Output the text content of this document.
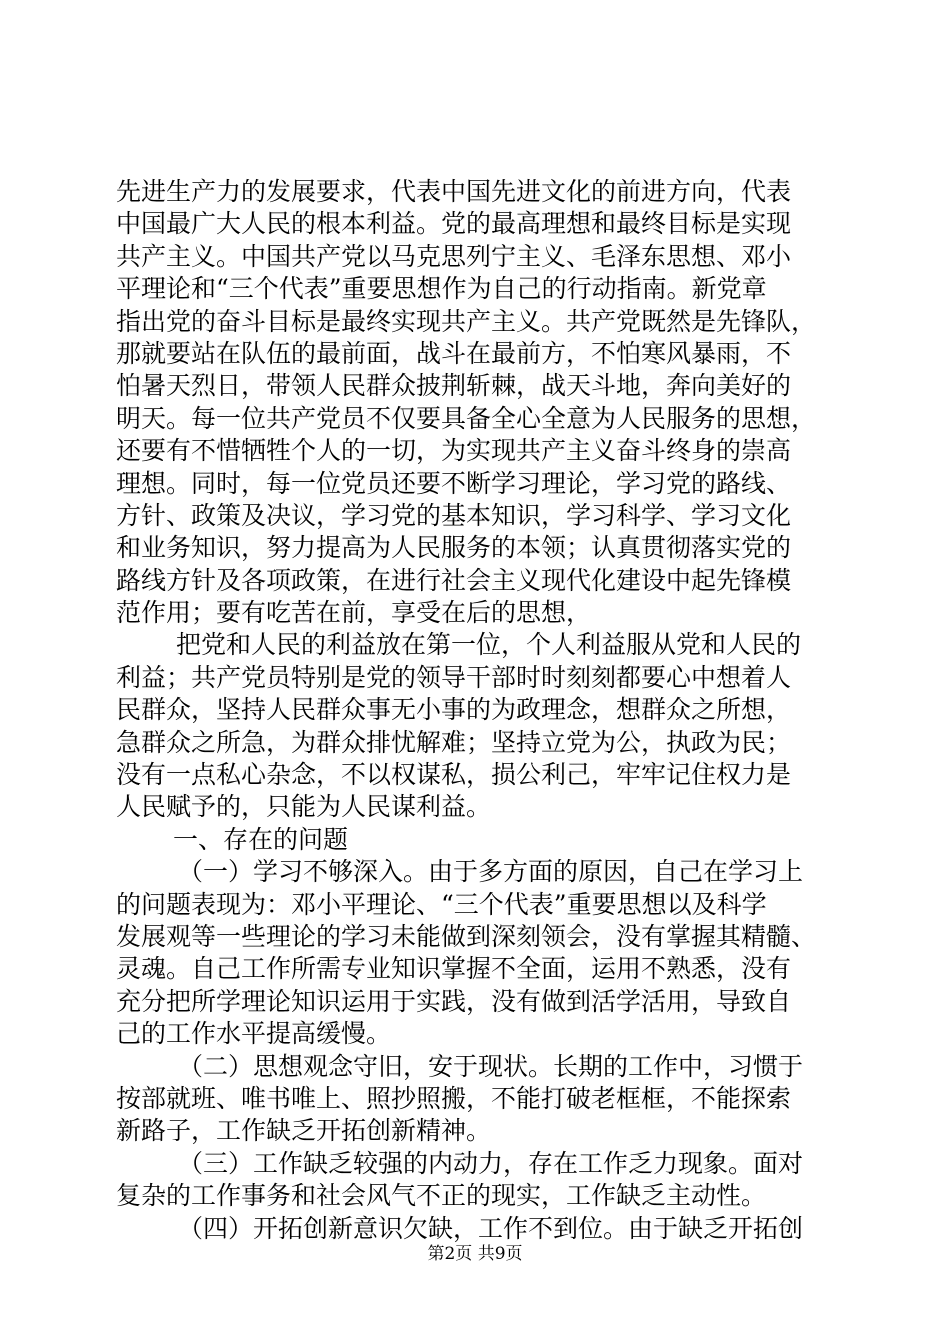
先进生产力的发展要求，代表中国先进文化的前进方向，代表
中国最广大人民的根本利益。党的最高理想和最终目标是实现
共产主义。中国共产党以马克思列宁主义、毛泽东思想、邓小
平理论和“三个代表”重要思想作为自己的行动指南。新党章
指出党的奋斗目标是最终实现共产主义。共产党既然是先锋队，
那就要站在队伍的最前面，战斗在最前方，不怕寒风暴雨，不
怕暑天烈日，带领人民群众披荆斩棘，战天斗地，奔向美好的
明天。每一位共产党员不仅要具备全心全意为人民服务的思想，
还要有不惜牺牲个人的一切，为实现共产主义奋斗终身的崇高
理想。同时，每一位党员还要不断学习理论，学习党的路线、
方针、政策及决议，学习党的基本知识，学习科学、学习文化
和业务知识，努力提高为人民服务的本领；认真贯彻落实党的
路线方针及各项政策，在进行社会主义现代化建设中起先锋模
范作用；要有吃苦在前，享受在后的思想，
把党和人民的利益放在第一位，个人利益服从党和人民的
利益；共产党员特别是党的领导干部时时刻刻都要心中想着人
民群众，坚持人民群众事无小事的为政理念，想群众之所想，
急群众之所急，为群众排忧解难；坚持立党为公，执政为民；
没有一点私心杂念，不以权谋私，损公利己，牢牢记住权力是
人民赋予的，只能为人民谋利益。
一、存在的问题
（一）学习不够深入。由于多方面的原因，自己在学习上
的问题表现为：邓小平理论、“三个代表”重要思想以及科学
发展观等一些理论的学习未能做到深刻领会，没有掌握其精髓、
灵魂。自己工作所需专业知识掌握不全面，运用不熟悉，没有
充分把所学理论知识运用于实践，没有做到活学活用，导致自
己的工作水平提高缓慢。
（二）思想观念守旧，安于现状。长期的工作中，习惯于
按部就班、唯书唯上、照抄照搬，不能打破老框框，不能探索
新路子，工作缺乏开拓创新精神。
（三）工作缺乏较强的内动力，存在工作乏力现象。面对
复杂的工作事务和社会风气不正的现实，工作缺乏主动性。
（四）开拓创新意识欠缺，工作不到位。由于缺乏开拓创
第2页 共9页
